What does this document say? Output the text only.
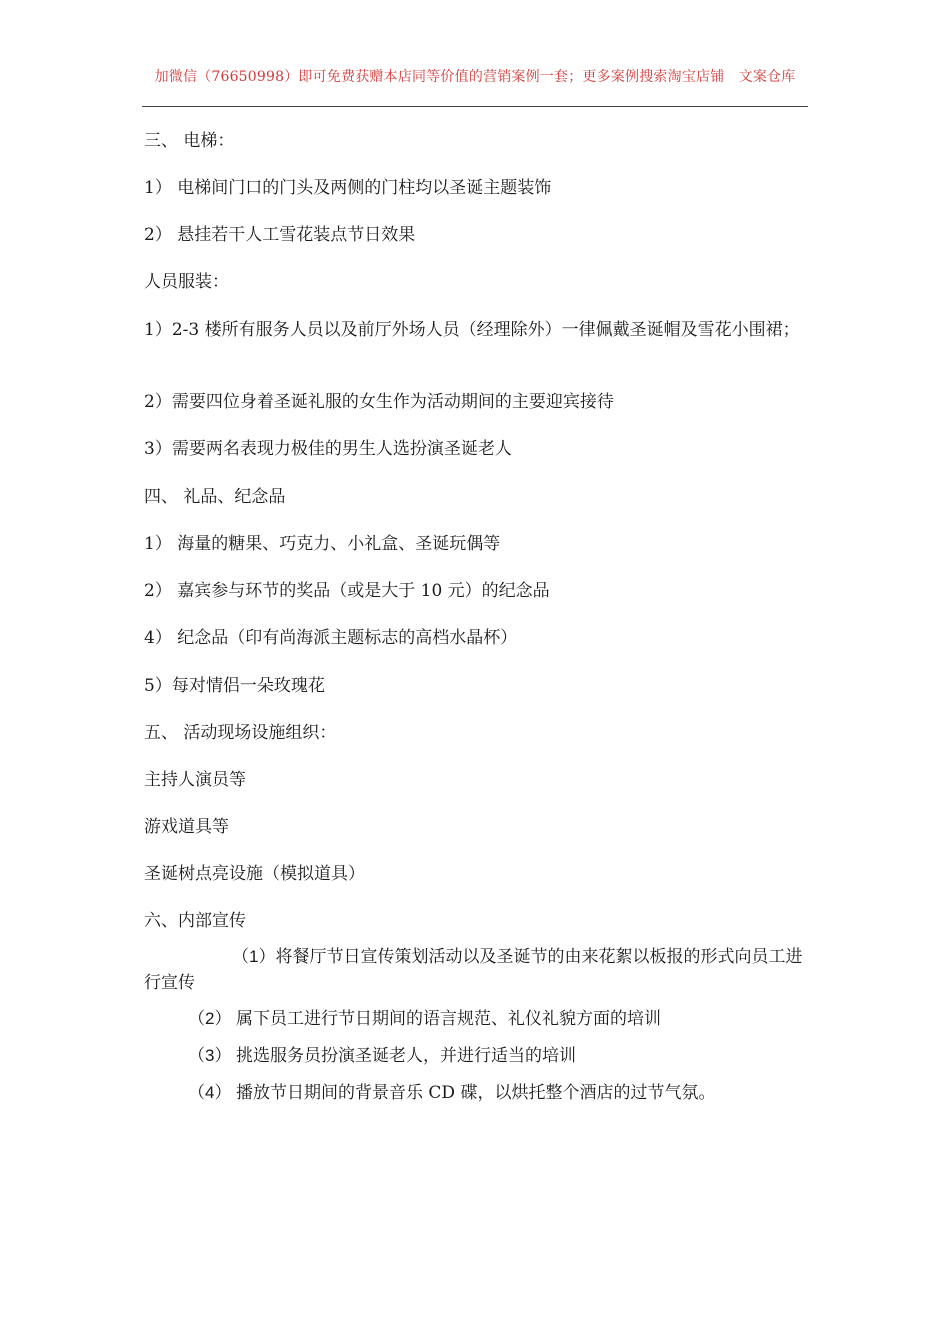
加微信（76650998）即可免费获赠本店同等价值的营销案例一套；更多案例搜索淘宝店铺　文案仓库
三、 电梯：
1） 电梯间门口的门头及两侧的门柱均以圣诞主题装饰
2） 悬挂若干人工雪花装点节日效果
人员服装：
1）2-3 楼所有服务人员以及前厅外场人员（经理除外）一律佩戴圣诞帽及雪花小围裙；
2）需要四位身着圣诞礼服的女生作为活动期间的主要迎宾接待
3）需要两名表现力极佳的男生人选扮演圣诞老人
四、 礼品、纪念品
1） 海量的糖果、巧克力、小礼盒、圣诞玩偶等
2） 嘉宾参与环节的奖品（或是大于 10 元）的纪念品
4） 纪念品（印有尚海派主题标志的高档水晶杯）
5）每对情侣一朵玫瑰花
五、 活动现场设施组织：
主持人演员等
游戏道具等
圣诞树点亮设施（模拟道具）
六、内部宣传
（1）将餐厅节日宣传策划活动以及圣诞节的由来花絮以板报的形式向员工进行宣传
（2） 属下员工进行节日期间的语言规范、礼仪礼貌方面的培训
（3） 挑选服务员扮演圣诞老人，并进行适当的培训
（4） 播放节日期间的背景音乐 CD 碟，以烘托整个酒店的过节气氛。
